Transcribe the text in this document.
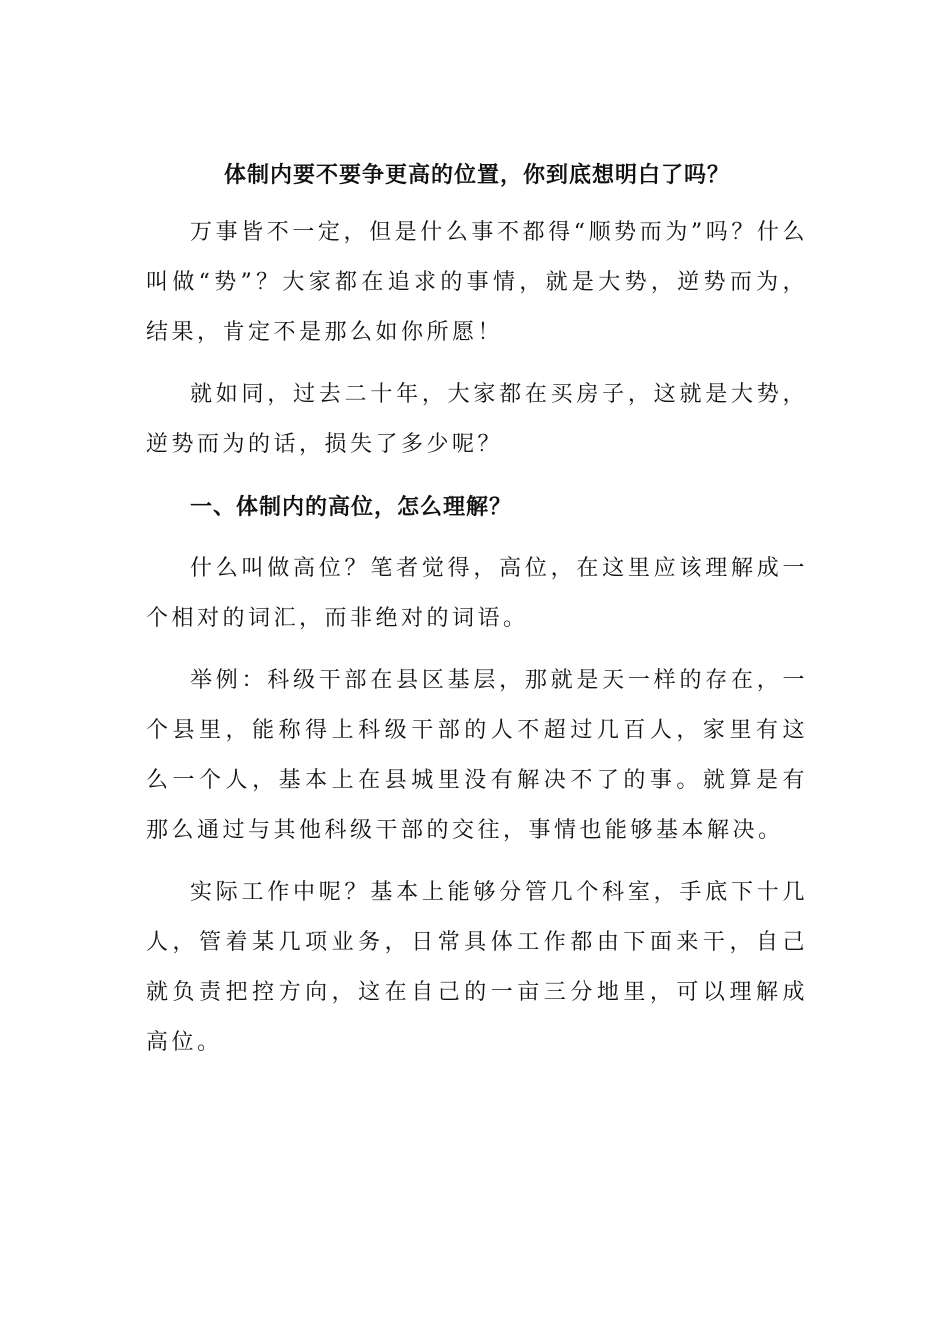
体制内要不要争更高的位置，你到底想明白了吗？

万事皆不一定，但是什么事不都得“顺势而为”吗？什么叫做“势”？大家都在追求的事情，就是大势，逆势而为，结果，肯定不是那么如你所愿！

就如同，过去二十年，大家都在买房子，这就是大势，逆势而为的话，损失了多少呢？

一、体制内的高位，怎么理解？

什么叫做高位？笔者觉得，高位，在这里应该理解成一个相对的词汇，而非绝对的词语。

举例：科级干部在县区基层，那就是天一样的存在，一个县里，能称得上科级干部的人不超过几百人，家里有这么一个人，基本上在县城里没有解决不了的事。就算是有那么通过与其他科级干部的交往，事情也能够基本解决。

实际工作中呢？基本上能够分管几个科室，手底下十几人，管着某几项业务，日常具体工作都由下面来干，自己就负责把控方向，这在自己的一亩三分地里，可以理解成高位。
